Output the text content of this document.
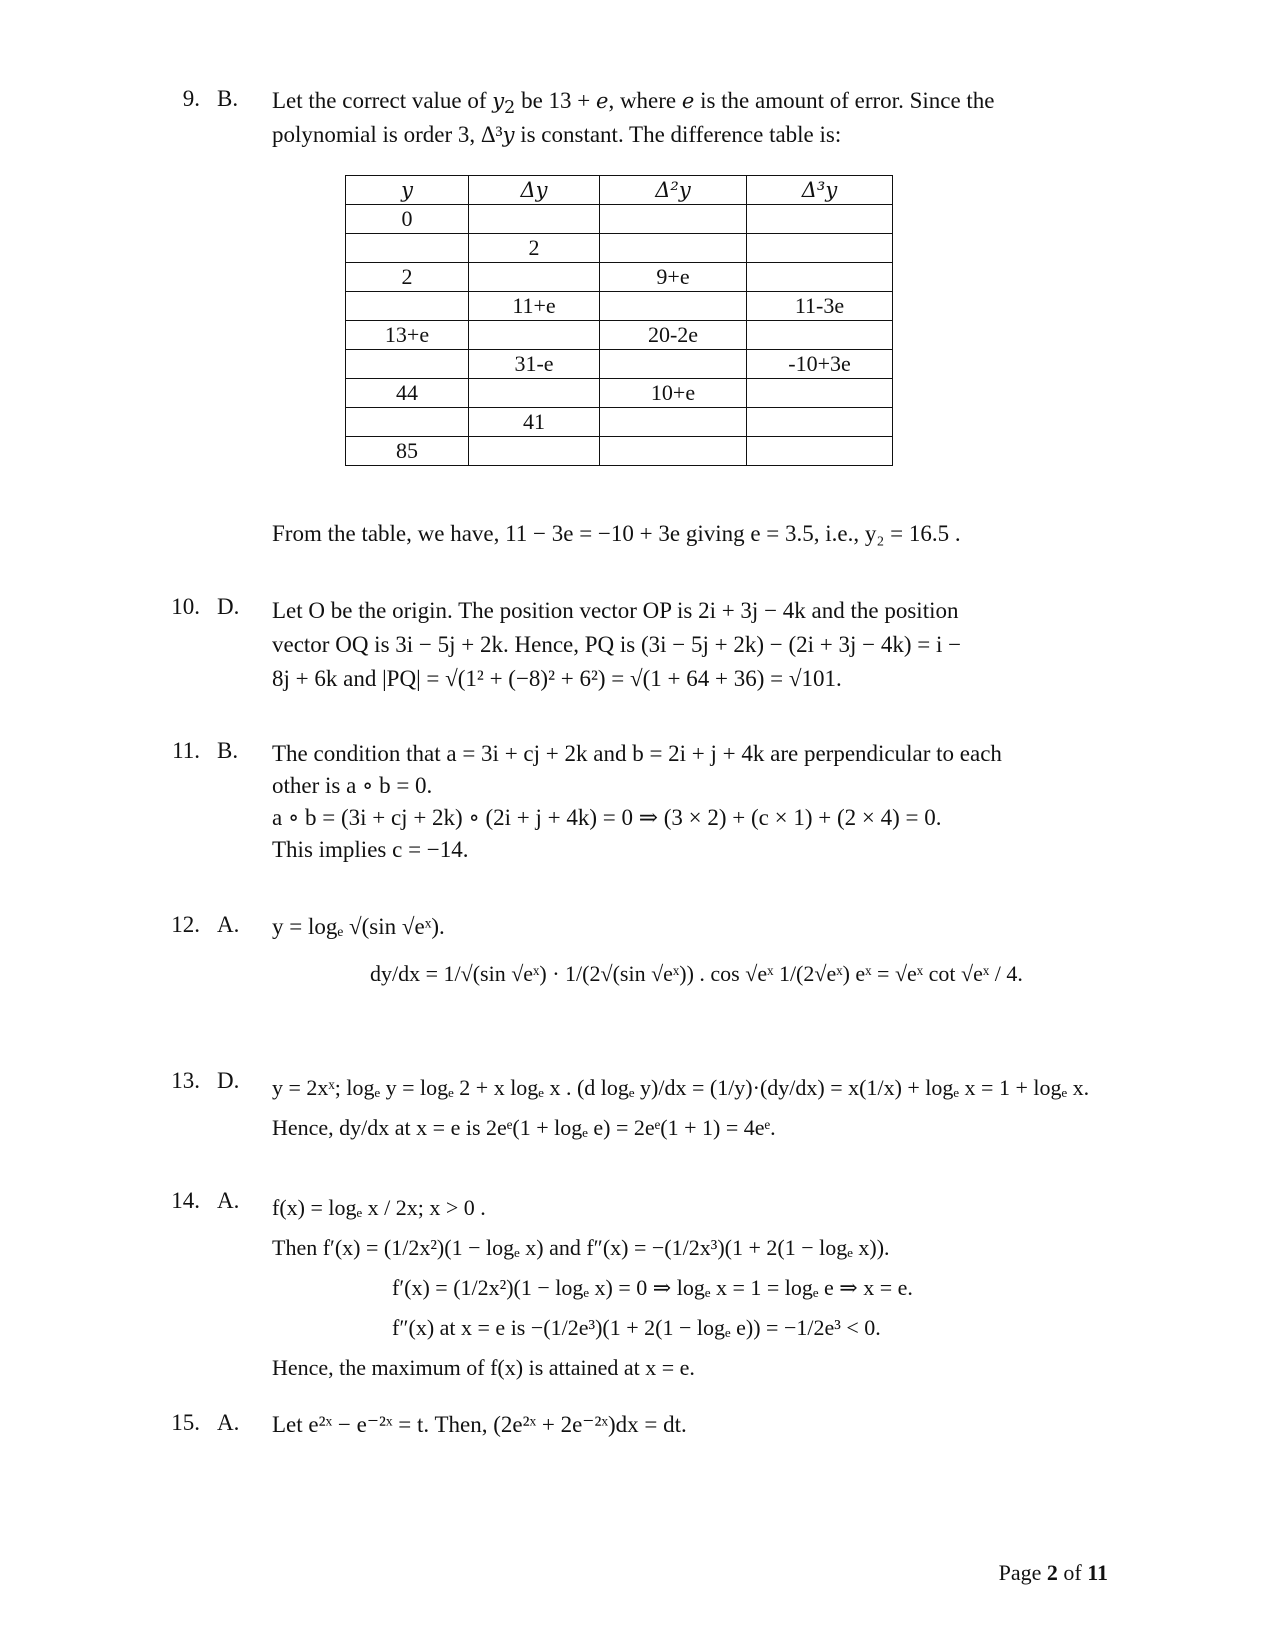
9. B. Let the correct value of $y_2$ be 13 + e, where e is the amount of error. Since the
polynomial is order 3, Δ³y is constant. The difference table is:
y	Δy	Δ²y	Δ³y
0			
	2		
2		9+e	
	11+e		11-3e
13+e		20-2e	
	31-e		-10+3e
44		10+e	
	41		
85			
From the table, we have, 11 − 3e = −10 + 3e giving e = 3.5, i.e., y₂ = 16.5 .
10. D. Let O be the origin. The position vector OP is 2i + 3j − 4k and the position
vector OQ is 3i − 5j + 2k. Hence, PQ is (3i − 5j + 2k) − (2i + 3j − 4k) = i −
8j + 6k and |PQ| = √(1² + (−8)² + 6²) = √(1 + 64 + 36) = √101.
11. B. The condition that a = 3i + cj + 2k and b = 2i + j + 4k are perpendicular to each
other is a ∘ b = 0.
a ∘ b = (3i + cj + 2k) ∘ (2i + j + 4k) = 0 ⇒ (3 × 2) + (c × 1) + (2 × 4) = 0.
This implies c = −14.
12. A. y = logₑ √(sin √eˣ).
dy/dx = 1/√(sin √eˣ) · 1/(2√(sin √eˣ)) . cos √eˣ 1/(2√eˣ) eˣ = √eˣ cot √eˣ / 4.
13. D. y = 2xˣ; logₑ y = logₑ 2 + x logₑ x . (d logₑ y)/dx = (1/y)·(dy/dx) = x(1/x) + logₑ x = 1 + logₑ x.
Hence, dy/dx at x = e is 2eᵉ(1 + logₑ e) = 2eᵉ(1 + 1) = 4eᵉ.
14. A. f(x) = logₑ x / 2x; x > 0 .
Then f′(x) = (1/2x²)(1 − logₑ x) and f″(x) = −(1/2x³)(1 + 2(1 − logₑ x)).
f′(x) = (1/2x²)(1 − logₑ x) = 0 ⇒ logₑ x = 1 = logₑ e ⇒ x = e.
f″(x) at x = e is −(1/2e³)(1 + 2(1 − logₑ e)) = −1/2e³ < 0.
Hence, the maximum of f(x) is attained at x = e.
15. A. Let e²ˣ − e⁻²ˣ = t. Then, (2e²ˣ + 2e⁻²ˣ)dx = dt.
Page 2 of 11
